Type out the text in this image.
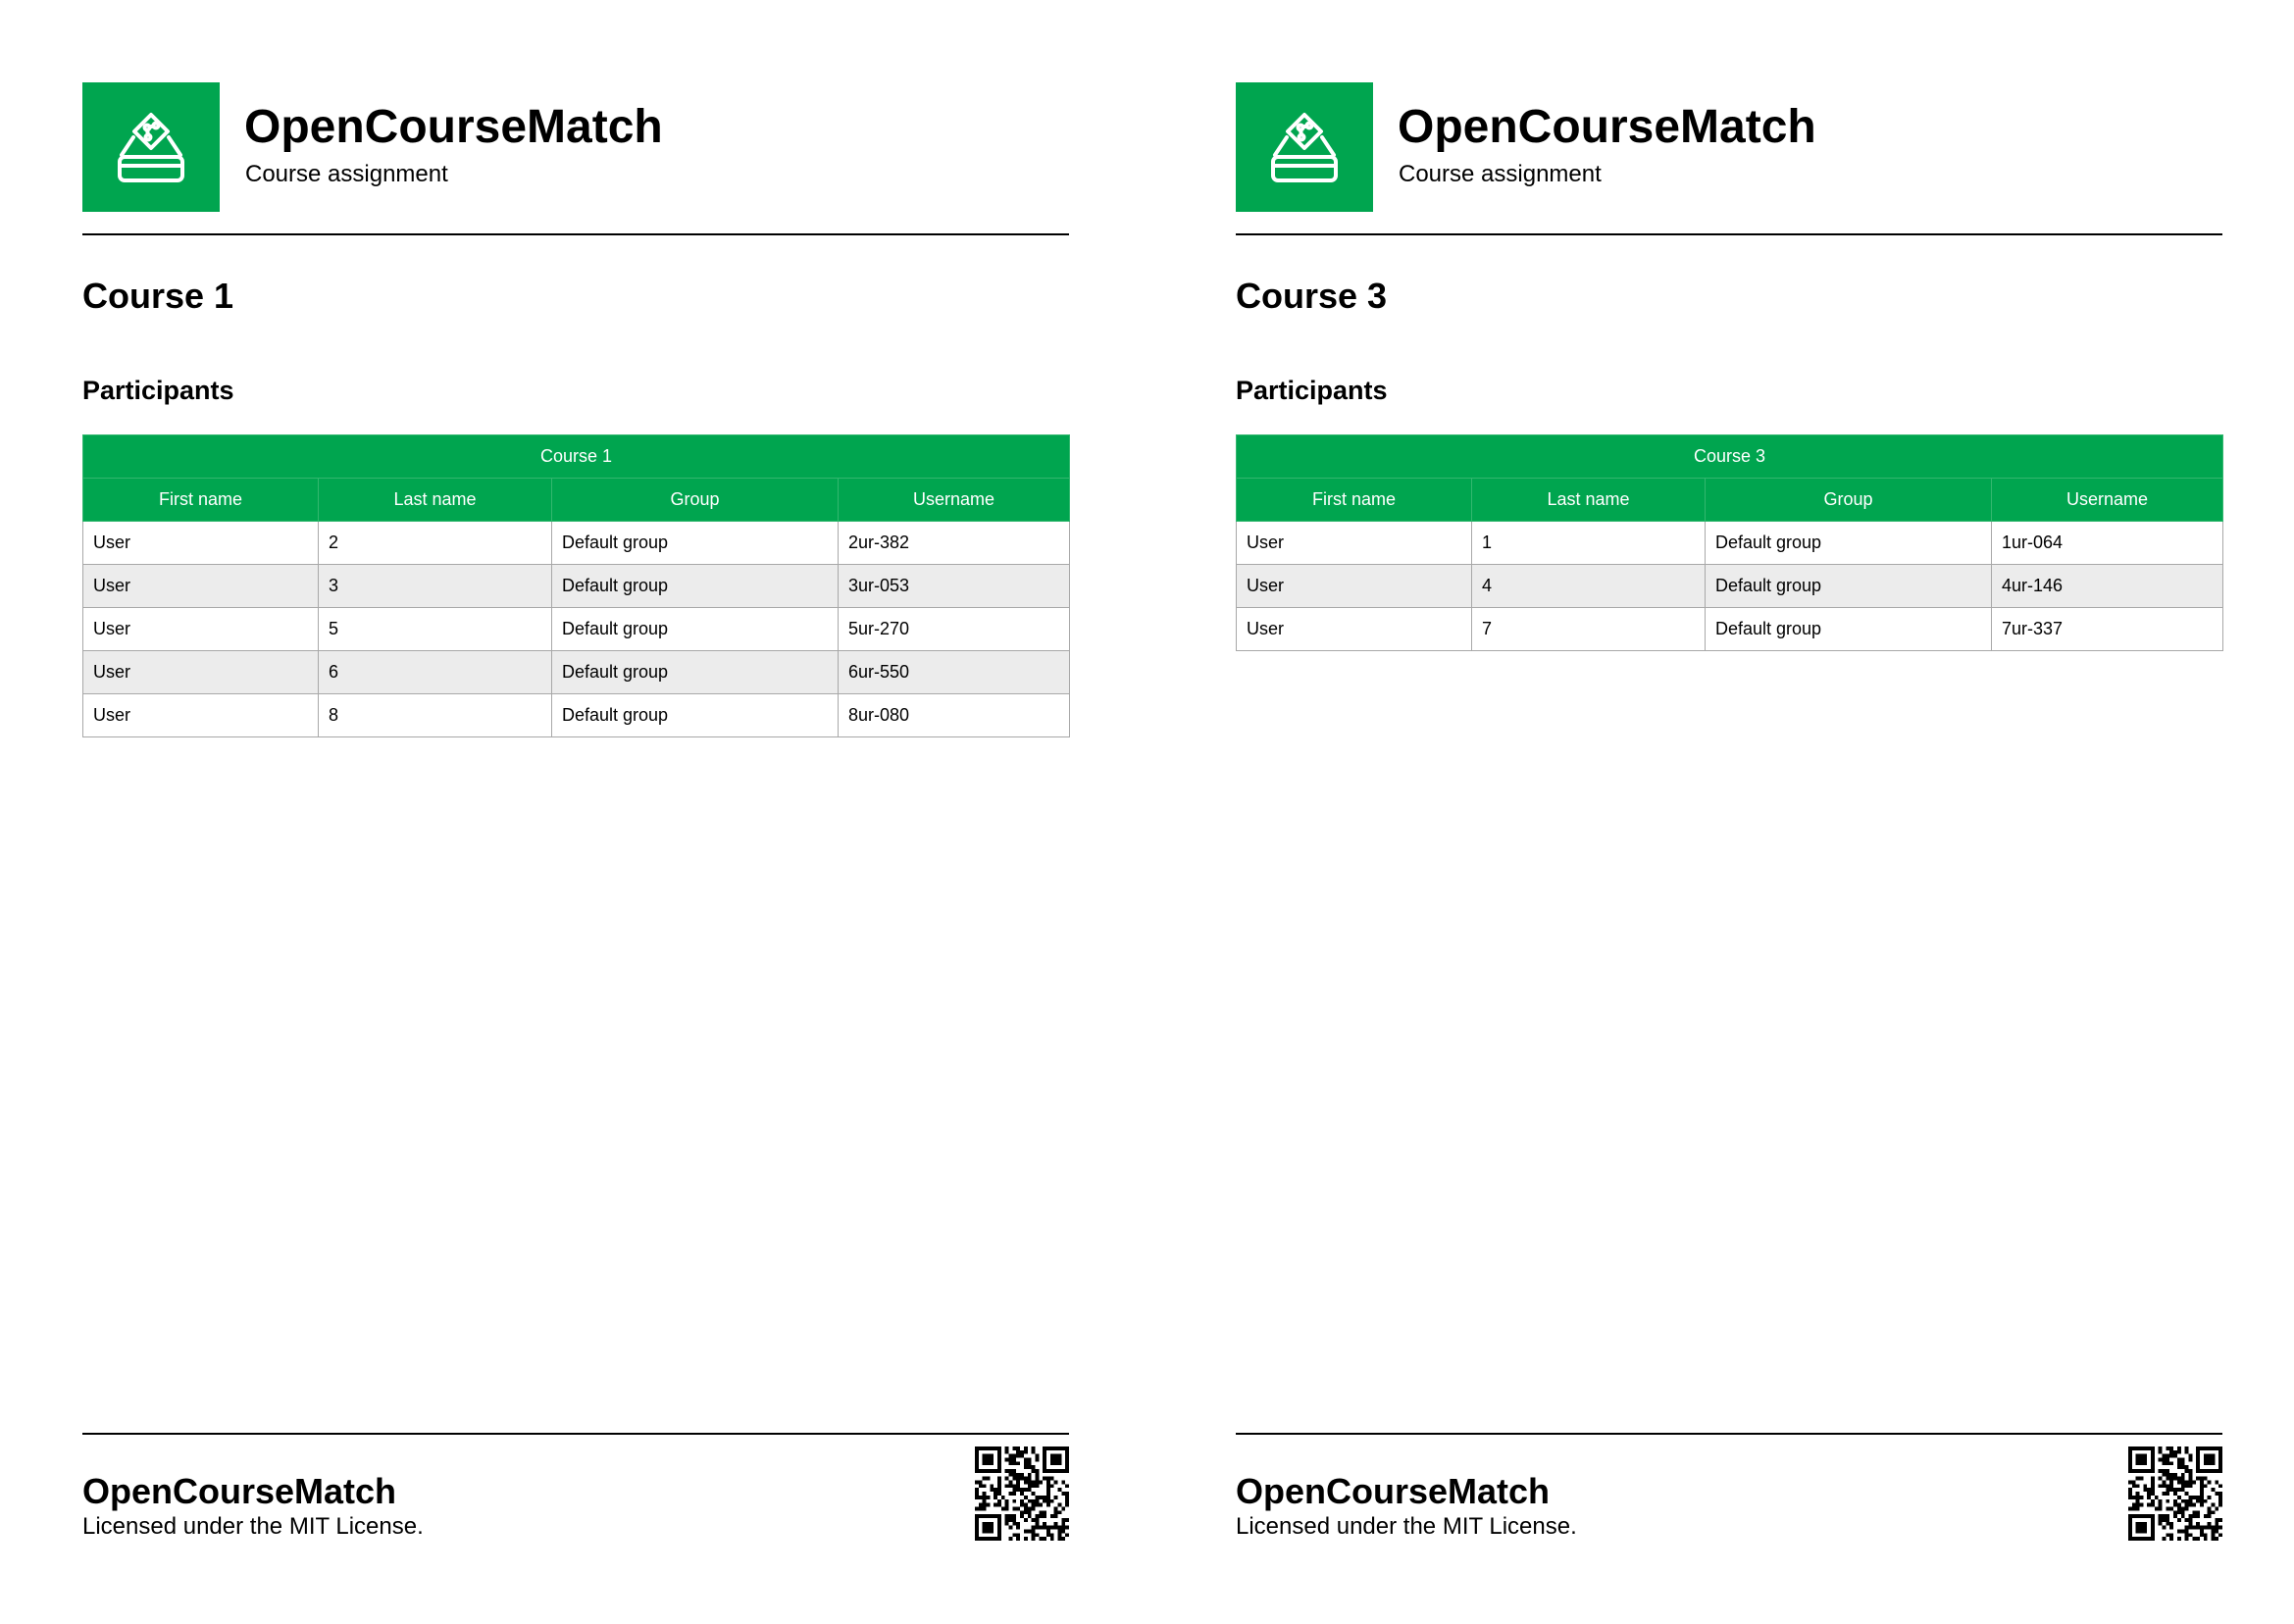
OpenCourseMatch
Course assignment
Course 1
Participants
Course 1			
First name	Last name	Group	Username
User	2	Default group	2ur-382
User	3	Default group	3ur-053
User	5	Default group	5ur-270
User	6	Default group	6ur-550
User	8	Default group	8ur-080
OpenCourseMatch
Licensed under the MIT License.
OpenCourseMatch
Course assignment
Course 3
Participants
Course 3			
First name	Last name	Group	Username
User	1	Default group	1ur-064
User	4	Default group	4ur-146
User	7	Default group	7ur-337
OpenCourseMatch
Licensed under the MIT License.
